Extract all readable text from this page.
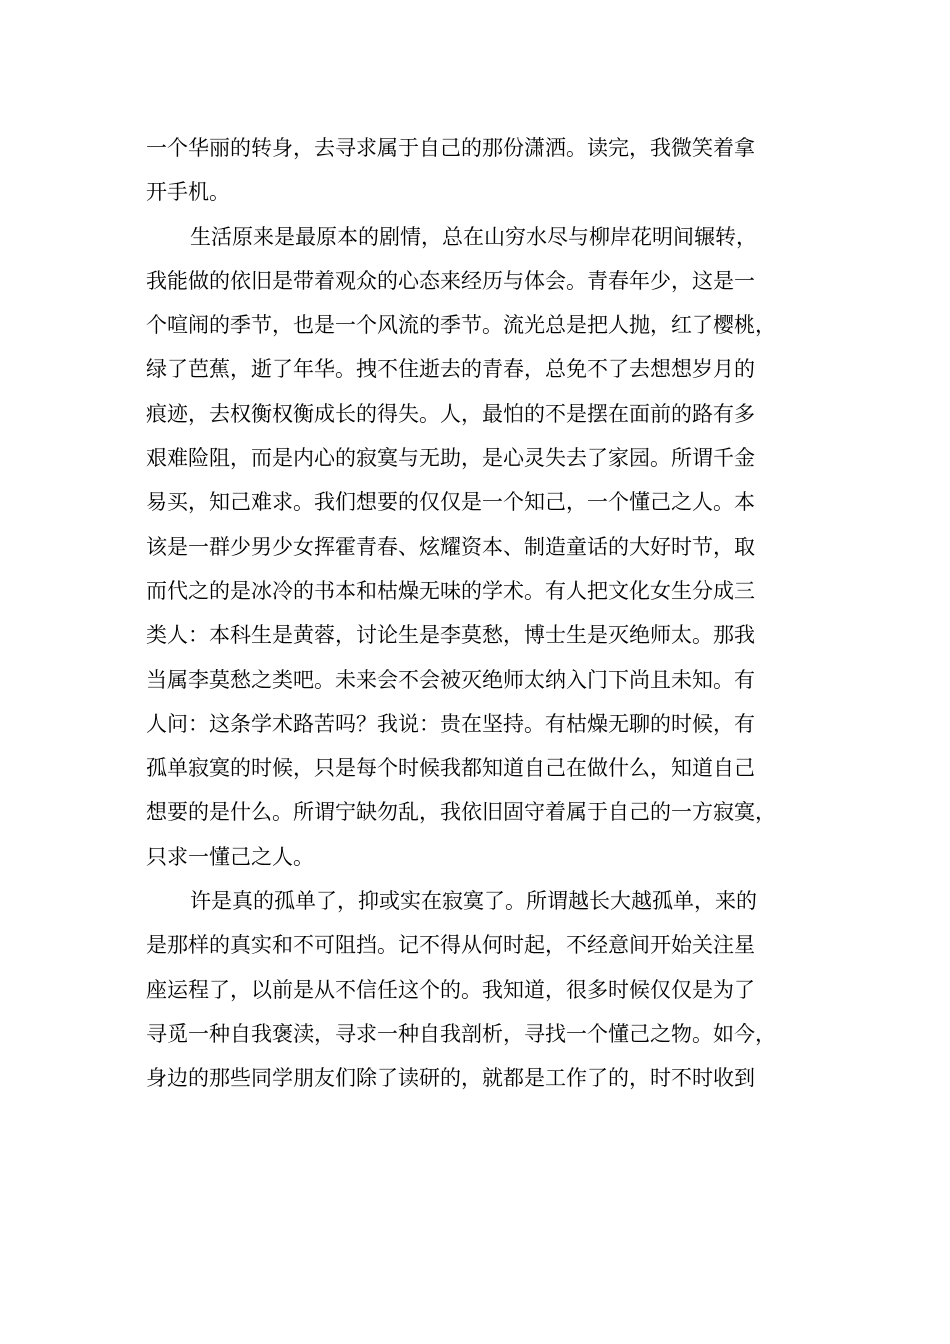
一个华丽的转身，去寻求属于自己的那份潇洒。读完，我微笑着拿
开手机。
生活原来是最原本的剧情，总在山穷水尽与柳岸花明间辗转，
我能做的依旧是带着观众的心态来经历与体会。青春年少，这是一
个喧闹的季节，也是一个风流的季节。流光总是把人抛，红了樱桃，
绿了芭蕉，逝了年华。拽不住逝去的青春，总免不了去想想岁月的
痕迹，去权衡权衡成长的得失。人，最怕的不是摆在面前的路有多
艰难险阻，而是内心的寂寞与无助，是心灵失去了家园。所谓千金
易买，知己难求。我们想要的仅仅是一个知己，一个懂己之人。本
该是一群少男少女挥霍青春、炫耀资本、制造童话的大好时节，取
而代之的是冰冷的书本和枯燥无味的学术。有人把文化女生分成三
类人：本科生是黄蓉，讨论生是李莫愁，博士生是灭绝师太。那我
当属李莫愁之类吧。未来会不会被灭绝师太纳入门下尚且未知。有
人问：这条学术路苦吗？我说：贵在坚持。有枯燥无聊的时候，有
孤单寂寞的时候，只是每个时候我都知道自己在做什么，知道自己
想要的是什么。所谓宁缺勿乱，我依旧固守着属于自己的一方寂寞，
只求一懂己之人。
许是真的孤单了，抑或实在寂寞了。所谓越长大越孤单，来的
是那样的真实和不可阻挡。记不得从何时起，不经意间开始关注星
座运程了，以前是从不信任这个的。我知道，很多时候仅仅是为了
寻觅一种自我褒渎，寻求一种自我剖析，寻找一个懂己之物。如今，
身边的那些同学朋友们除了读研的，就都是工作了的，时不时收到
